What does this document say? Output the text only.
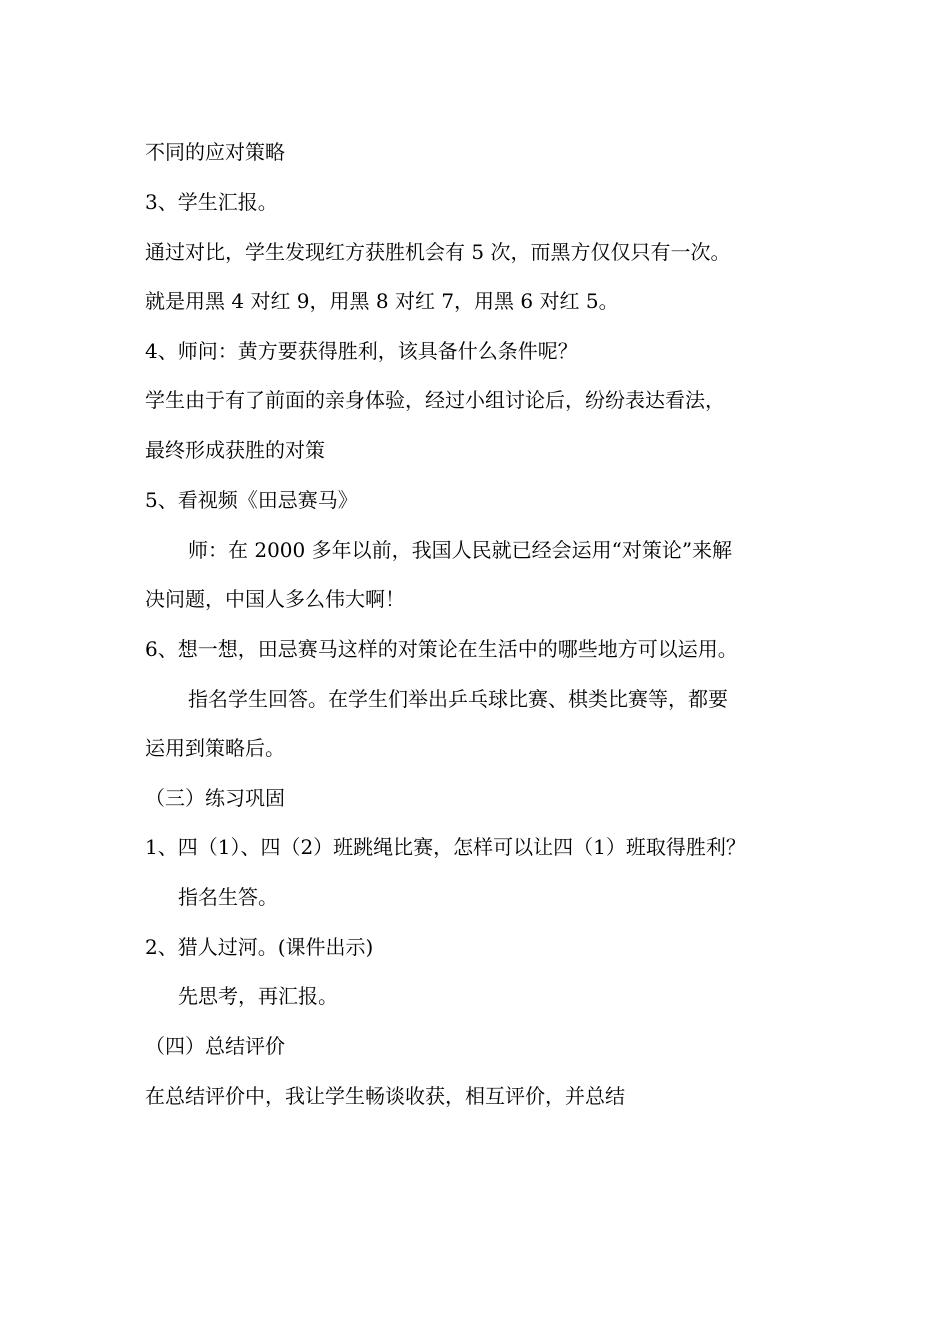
不同的应对策略
3、学生汇报。
通过对比，学生发现红方获胜机会有 5 次，而黑方仅仅只有一次。
就是用黑 4 对红 9，用黑 8 对红 7，用黑 6 对红 5。
4、师问：黄方要获得胜利，该具备什么条件呢？
学生由于有了前面的亲身体验，经过小组讨论后，纷纷表达看法，
最终形成获胜的对策
5、看视频《田忌赛马》
师：在 2000 多年以前，我国人民就已经会运用“对策论”来解
决问题，中国人多么伟大啊！
6、想一想，田忌赛马这样的对策论在生活中的哪些地方可以运用。
指名学生回答。在学生们举出乒乓球比赛、棋类比赛等，都要
运用到策略后。
（三）练习巩固
1、四（1）、四（2）班跳绳比赛，怎样可以让四（1）班取得胜利？
指名生答。
2、猎人过河。(课件出示)
先思考，再汇报。
（四）总结评价
在总结评价中，我让学生畅谈收获，相互评价，并总结
